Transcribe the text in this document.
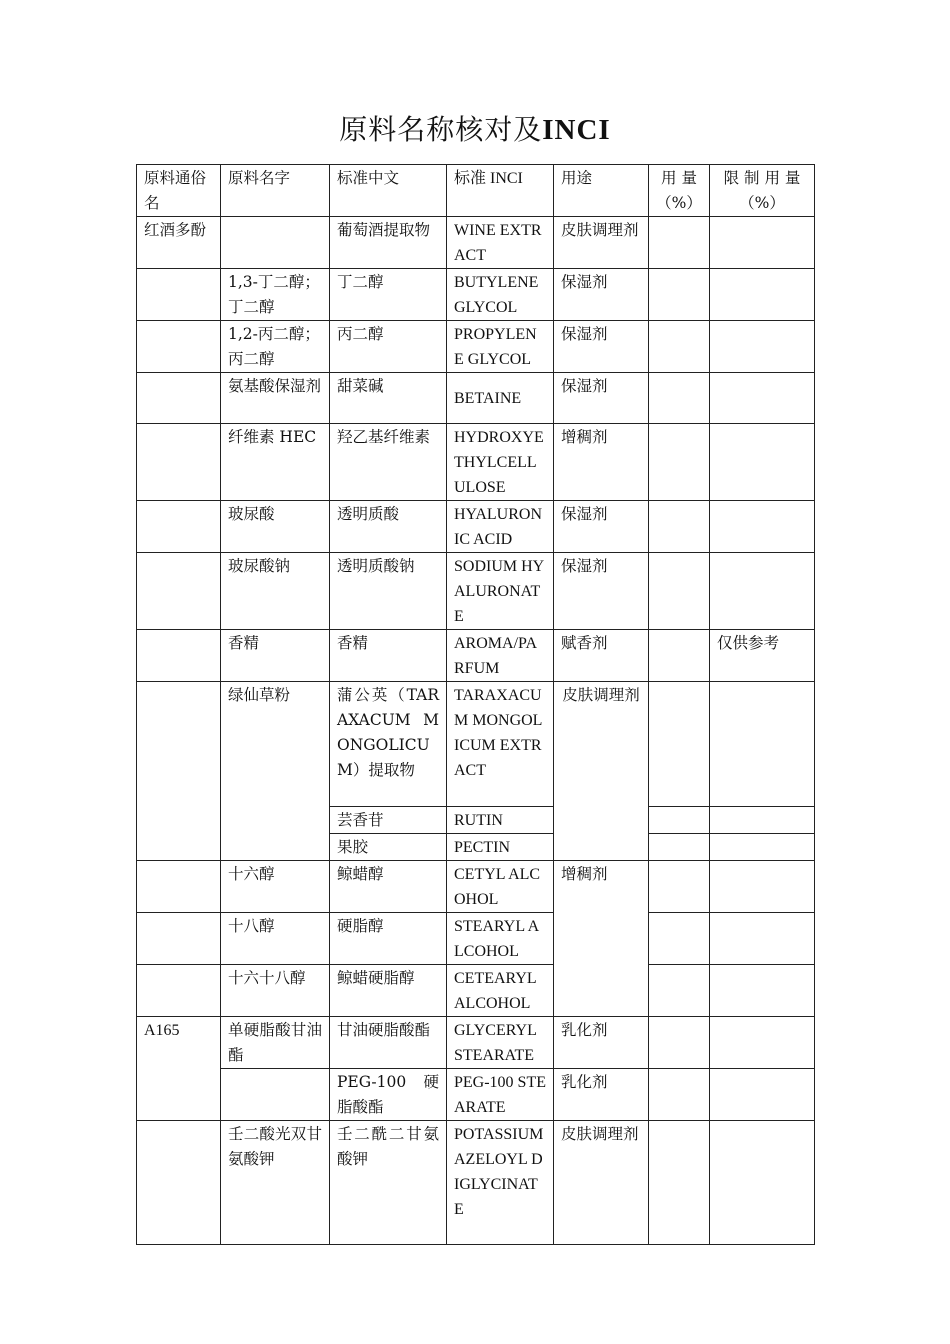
原料名称核对及INCI
原料通俗名	原料名字	标准中文	标准 INCI	用途	用 量（%）	限 制 用 量（%）
红酒多酚		葡萄酒提取物	WINE EXTRACT	皮肤调理剂		
	1,3-丁二醇；丁二醇	丁二醇	BUTYLENE GLYCOL	保湿剂		
	1,2-丙二醇；丙二醇	丙二醇	PROPYLENE GLYCOL	保湿剂		
	氨基酸保湿剂	甜菜碱	BETAINE	保湿剂		
	纤维素 HEC	羟乙基纤维素	HYDROXYETHYLCELLULOSE	增稠剂		
	玻尿酸	透明质酸	HYALURONIC ACID	保湿剂		
	玻尿酸钠	透明质酸钠	SODIUM HYALURONATE	保湿剂		
	香精	香精	AROMA/PARFUM	赋香剂		仅供参考
	绿仙草粉	蒲公英（TARAXACUM MONGOLICUM）提取物	TARAXACUM MONGOLICUM EXTRACT	皮肤调理剂		
		芸香苷	RUTIN			
		果胶	PECTIN			
	十六醇	鲸蜡醇	CETYL ALCOHOL	增稠剂		
	十八醇	硬脂醇	STEARYL ALCOHOL			
	十六十八醇	鲸蜡硬脂醇	CETEARYL ALCOHOL			
A165	单硬脂酸甘油酯	甘油硬脂酸酯	GLYCERYL STEARATE	乳化剂		
		PEG-100 硬脂酸酯	PEG-100 STEARATE	乳化剂		
	壬二酸光双甘氨酸钾	壬二酰二甘氨酸钾	POTASSIUM AZELOYL DIGLYCINATE	皮肤调理剂		
